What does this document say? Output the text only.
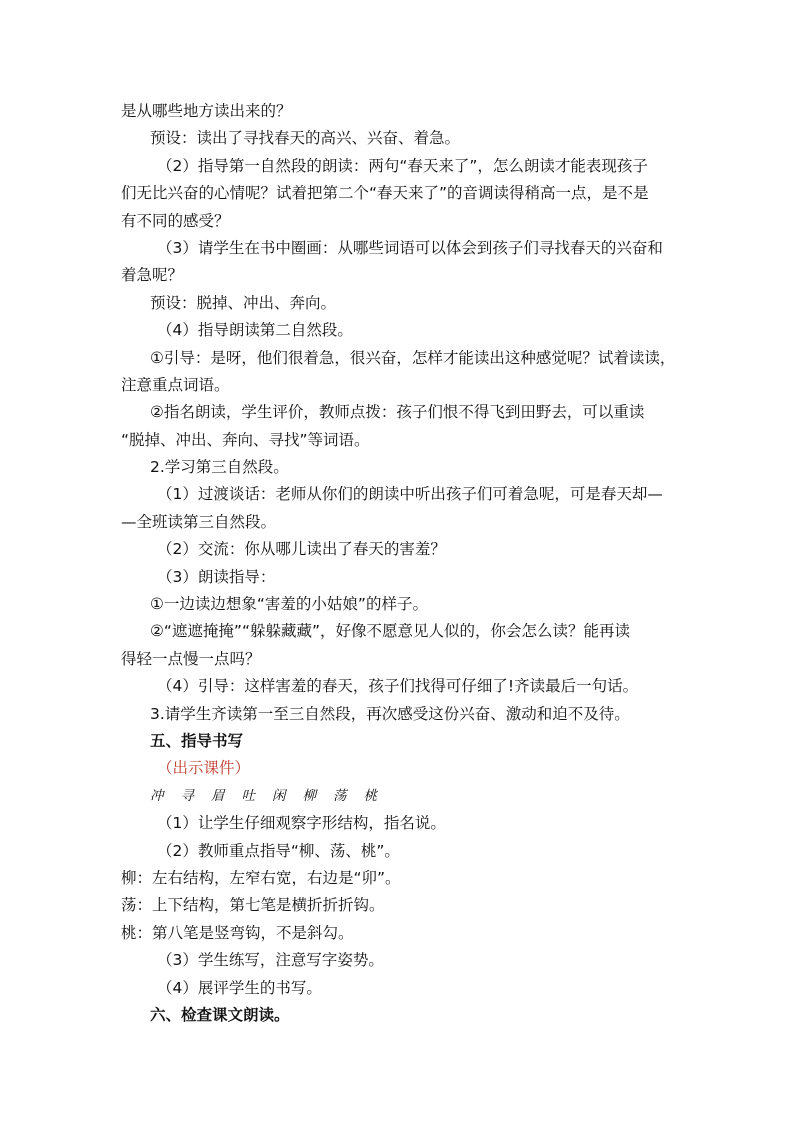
是从哪些地方读出来的？
预设：读出了寻找春天的高兴、兴奋、着急。
（2）指导第一自然段的朗读：两句“春天来了”，怎么朗读才能表现孩子
们无比兴奋的心情呢？试着把第二个“春天来了”的音调读得稍高一点，是不是
有不同的感受？
（3）请学生在书中圈画：从哪些词语可以体会到孩子们寻找春天的兴奋和
着急呢？
预设：脱掉、冲出、奔向。
（4）指导朗读第二自然段。
①引导：是呀，他们很着急，很兴奋，怎样才能读出这种感觉呢？试着读读，
注意重点词语。
②指名朗读，学生评价，教师点拨：孩子们恨不得飞到田野去，可以重读
“脱掉、冲出、奔向、寻找”等词语。
2.学习第三自然段。
（1）过渡谈话：老师从你们的朗读中听出孩子们可着急呢，可是春天却—
—全班读第三自然段。
（2）交流：你从哪儿读出了春天的害羞？
（3）朗读指导：
①一边读边想象“害羞的小姑娘”的样子。
②“遮遮掩掩”“躲躲藏藏”，好像不愿意见人似的，你会怎么读？能再读
得轻一点慢一点吗？
（4）引导：这样害羞的春天，孩子们找得可仔细了!齐读最后一句话。
3.请学生齐读第一至三自然段，再次感受这份兴奋、激动和迫不及待。
五、指导书写
（出示课件）
冲 寻 眉 吐 闲 柳 荡 桃
（1）让学生仔细观察字形结构，指名说。
（2）教师重点指导“柳、荡、桃”。
柳：左右结构，左窄右宽，右边是“卯”。
荡：上下结构，第七笔是横折折折钩。
桃：第八笔是竖弯钩，不是斜勾。
（3）学生练写，注意写字姿势。
（4）展评学生的书写。
六、检查课文朗读。
